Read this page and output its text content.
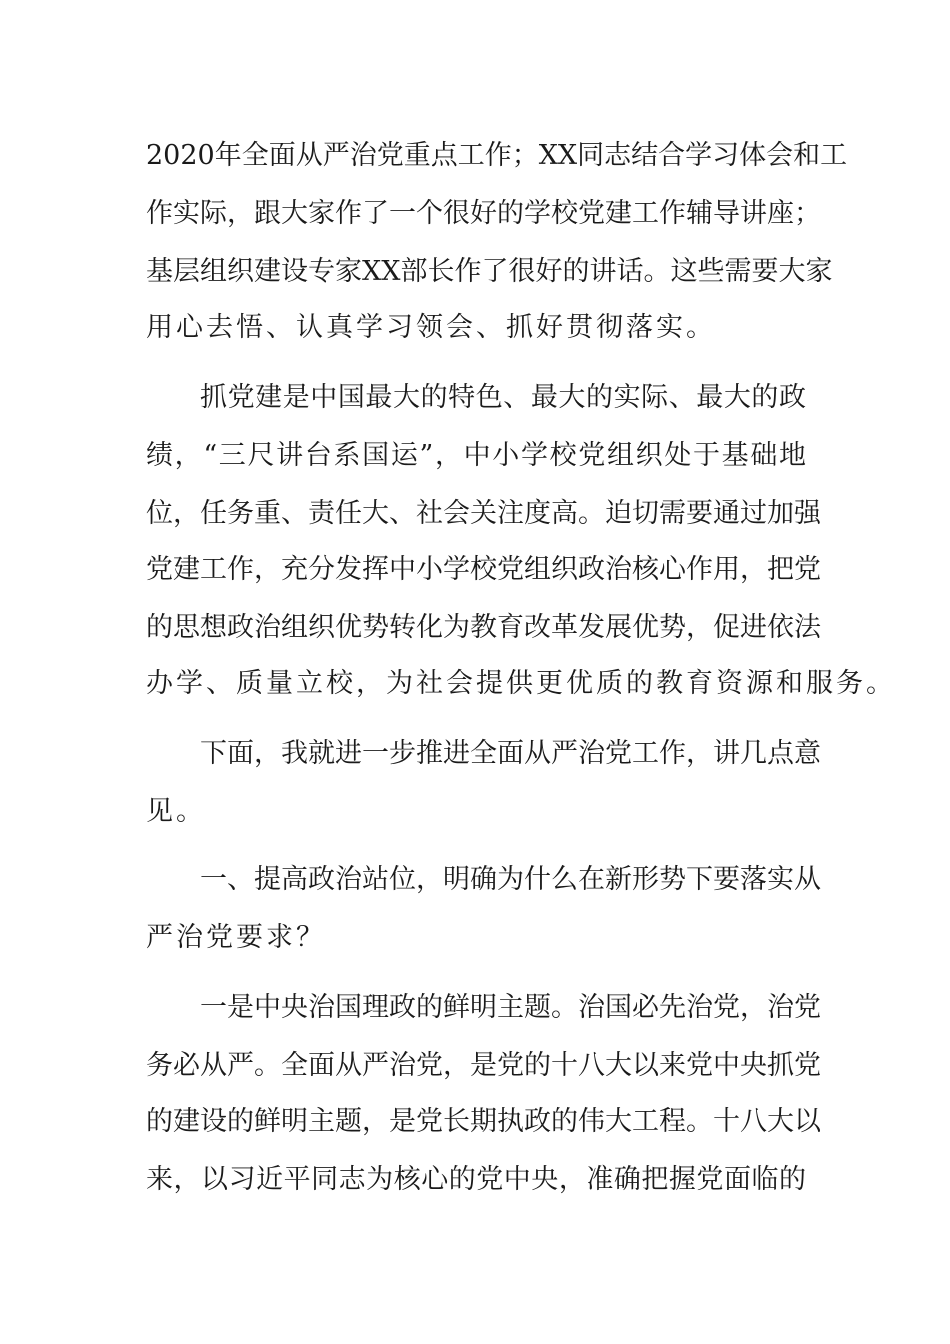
2020年全面从严治党重点工作；XX同志结合学习体会和工
作实际，跟大家作了一个很好的学校党建工作辅导讲座；
基层组织建设专家XX部长作了很好的讲话。这些需要大家
用心去悟、认真学习领会、抓好贯彻落实。
抓党建是中国最大的特色、最大的实际、最大的政
绩，“三尺讲台系国运”，中小学校党组织处于基础地
位，任务重、责任大、社会关注度高。迫切需要通过加强
党建工作，充分发挥中小学校党组织政治核心作用，把党
的思想政治组织优势转化为教育改革发展优势，促进依法
办学、质量立校，为社会提供更优质的教育资源和服务。
下面，我就进一步推进全面从严治党工作，讲几点意
见。
一、提高政治站位，明确为什么在新形势下要落实从
严治党要求？
一是中央治国理政的鲜明主题。治国必先治党，治党
务必从严。全面从严治党，是党的十八大以来党中央抓党
的建设的鲜明主题，是党长期执政的伟大工程。十八大以
来，以习近平同志为核心的党中央，准确把握党面临的
